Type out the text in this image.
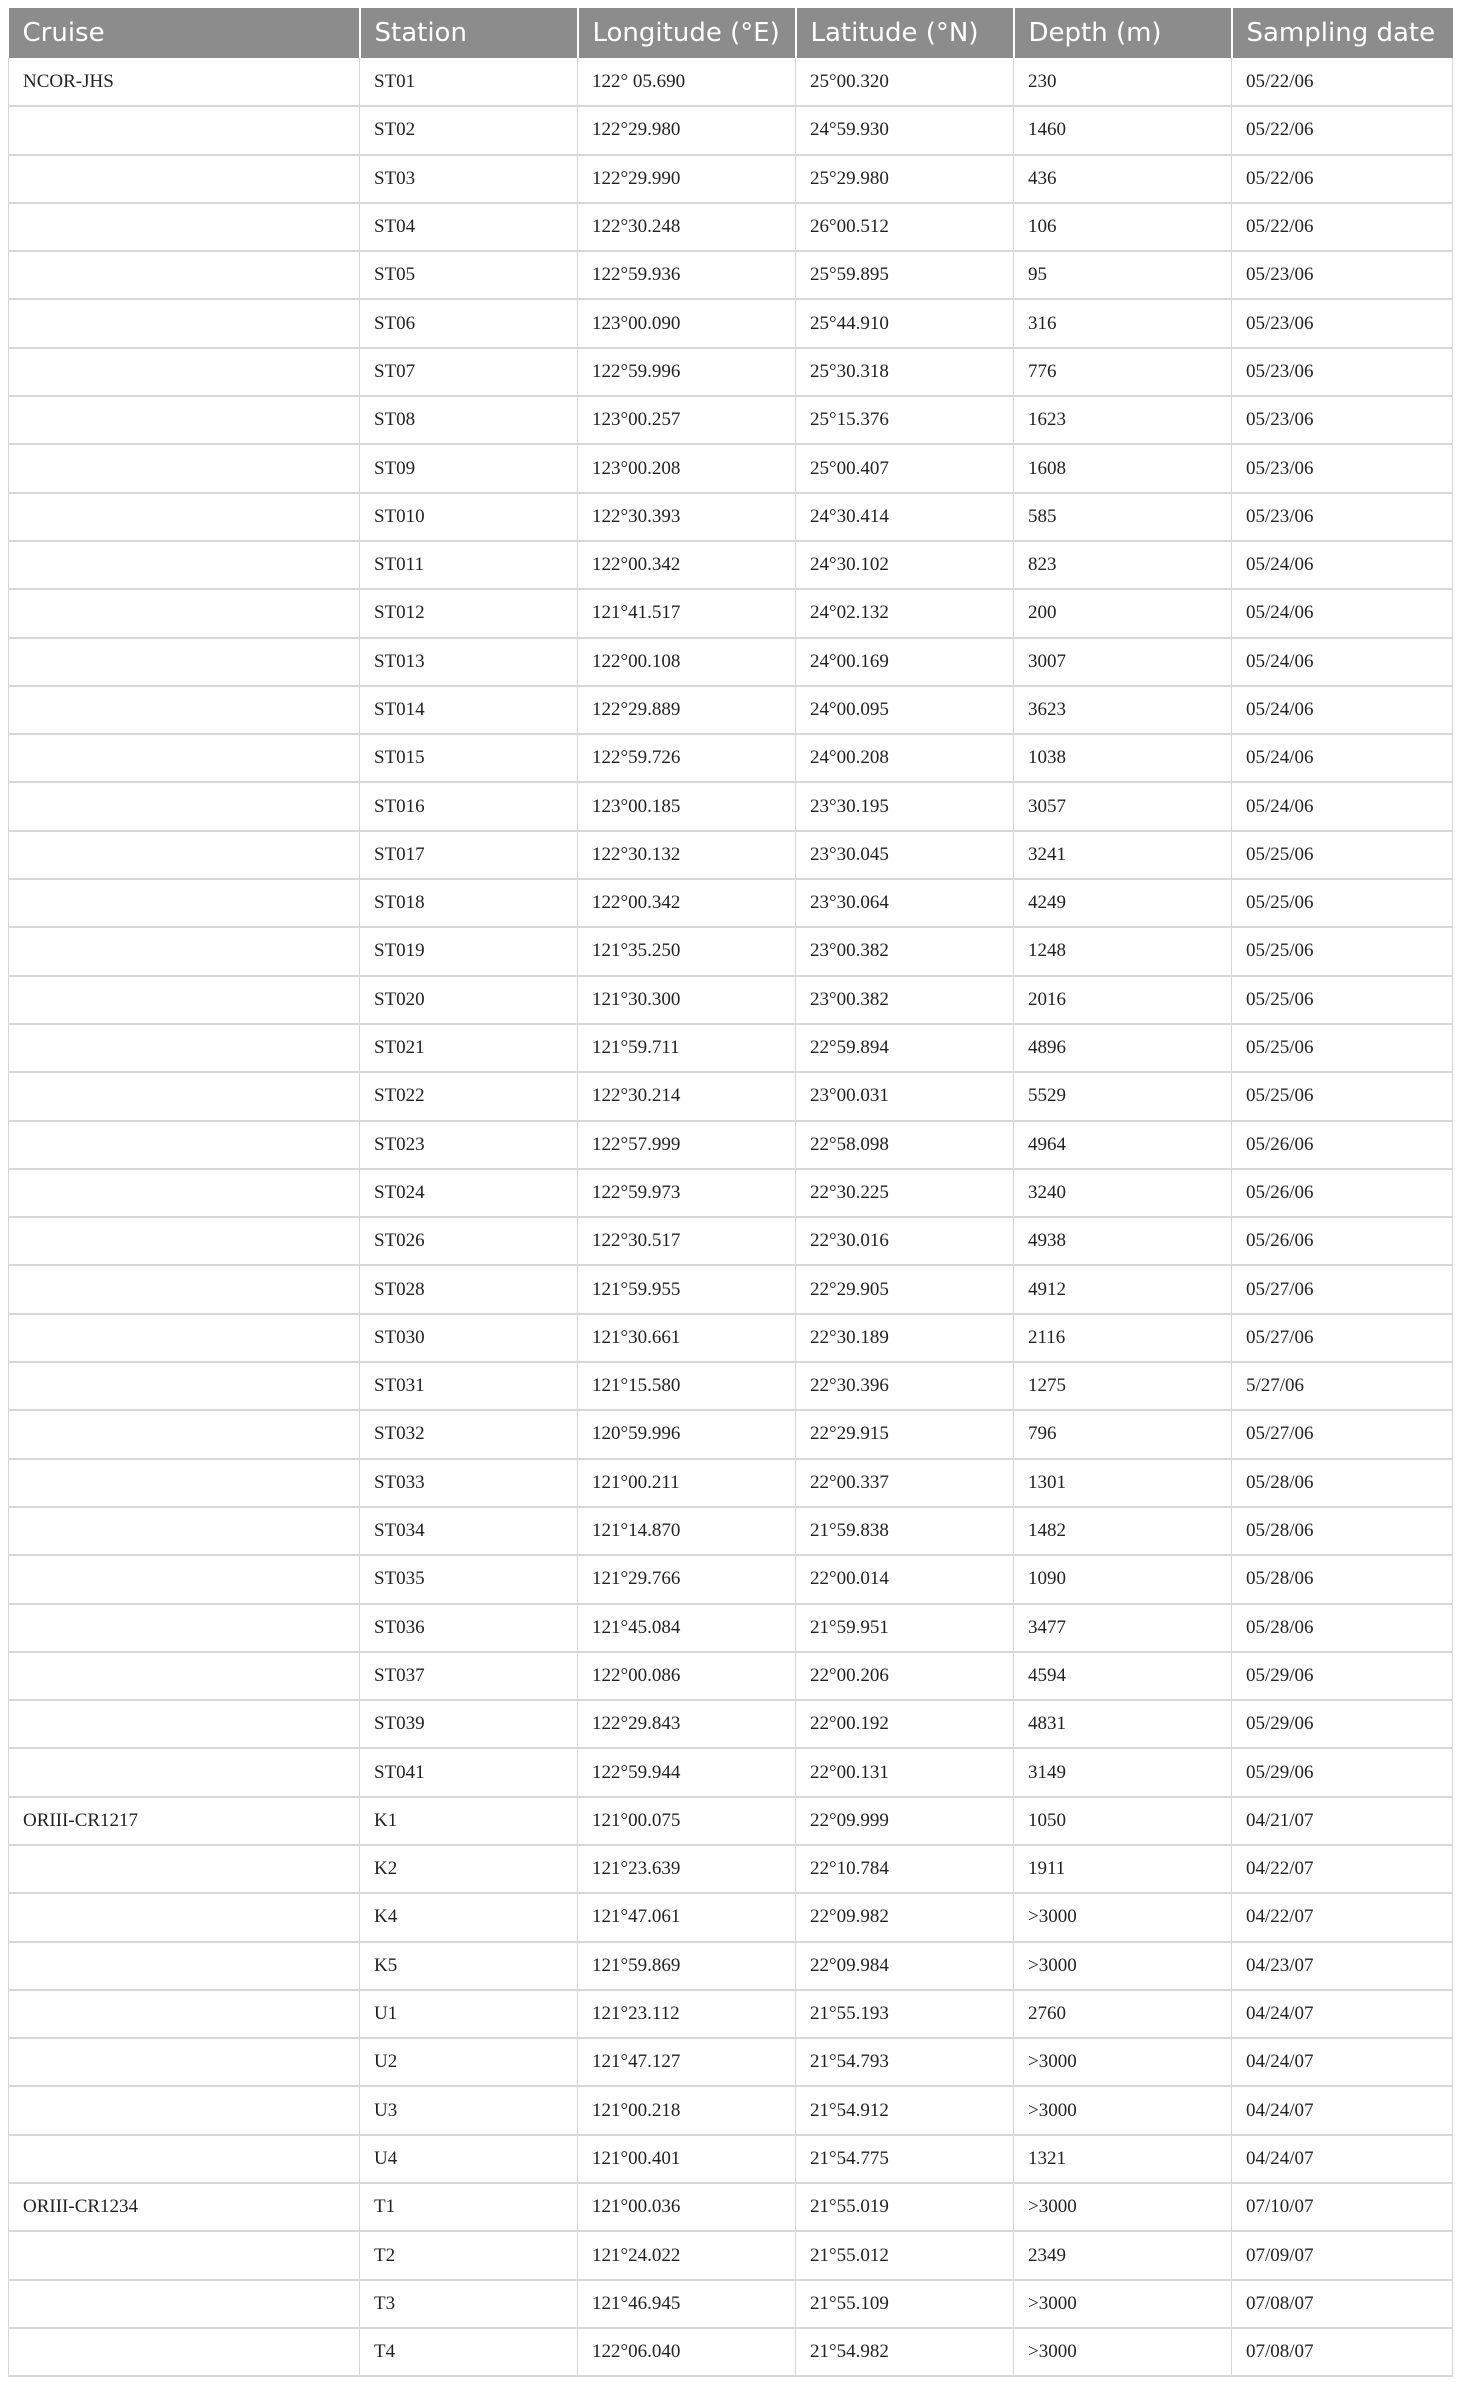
Cruise	Station	Longitude (°E)	Latitude (°N)	Depth (m)	Sampling date
NCOR-JHS	ST01	122° 05.690	25°00.320	230	05/22/06
	ST02	122°29.980	24°59.930	1460	05/22/06
	ST03	122°29.990	25°29.980	436	05/22/06
	ST04	122°30.248	26°00.512	106	05/22/06
	ST05	122°59.936	25°59.895	95	05/23/06
	ST06	123°00.090	25°44.910	316	05/23/06
	ST07	122°59.996	25°30.318	776	05/23/06
	ST08	123°00.257	25°15.376	1623	05/23/06
	ST09	123°00.208	25°00.407	1608	05/23/06
	ST010	122°30.393	24°30.414	585	05/23/06
	ST011	122°00.342	24°30.102	823	05/24/06
	ST012	121°41.517	24°02.132	200	05/24/06
	ST013	122°00.108	24°00.169	3007	05/24/06
	ST014	122°29.889	24°00.095	3623	05/24/06
	ST015	122°59.726	24°00.208	1038	05/24/06
	ST016	123°00.185	23°30.195	3057	05/24/06
	ST017	122°30.132	23°30.045	3241	05/25/06
	ST018	122°00.342	23°30.064	4249	05/25/06
	ST019	121°35.250	23°00.382	1248	05/25/06
	ST020	121°30.300	23°00.382	2016	05/25/06
	ST021	121°59.711	22°59.894	4896	05/25/06
	ST022	122°30.214	23°00.031	5529	05/25/06
	ST023	122°57.999	22°58.098	4964	05/26/06
	ST024	122°59.973	22°30.225	3240	05/26/06
	ST026	122°30.517	22°30.016	4938	05/26/06
	ST028	121°59.955	22°29.905	4912	05/27/06
	ST030	121°30.661	22°30.189	2116	05/27/06
	ST031	121°15.580	22°30.396	1275	5/27/06
	ST032	120°59.996	22°29.915	796	05/27/06
	ST033	121°00.211	22°00.337	1301	05/28/06
	ST034	121°14.870	21°59.838	1482	05/28/06
	ST035	121°29.766	22°00.014	1090	05/28/06
	ST036	121°45.084	21°59.951	3477	05/28/06
	ST037	122°00.086	22°00.206	4594	05/29/06
	ST039	122°29.843	22°00.192	4831	05/29/06
	ST041	122°59.944	22°00.131	3149	05/29/06
ORIII-CR1217	K1	121°00.075	22°09.999	1050	04/21/07
	K2	121°23.639	22°10.784	1911	04/22/07
	K4	121°47.061	22°09.982	>3000	04/22/07
	K5	121°59.869	22°09.984	>3000	04/23/07
	U1	121°23.112	21°55.193	2760	04/24/07
	U2	121°47.127	21°54.793	>3000	04/24/07
	U3	121°00.218	21°54.912	>3000	04/24/07
	U4	121°00.401	21°54.775	1321	04/24/07
ORIII-CR1234	T1	121°00.036	21°55.019	>3000	07/10/07
	T2	121°24.022	21°55.012	2349	07/09/07
	T3	121°46.945	21°55.109	>3000	07/08/07
	T4	122°06.040	21°54.982	>3000	07/08/07
